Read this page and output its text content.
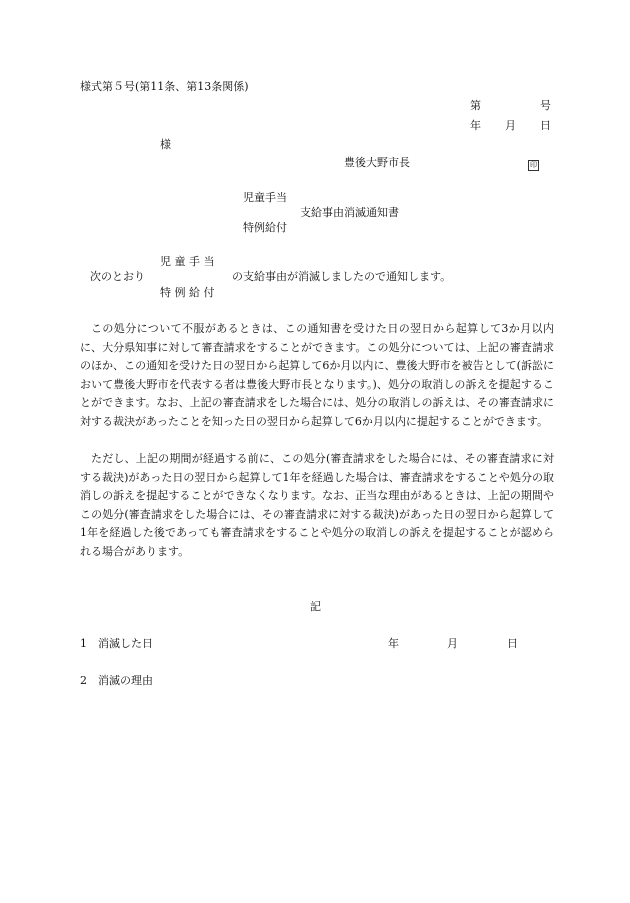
様式第５号(第11条、第13条関係)
第	号
年 月 日
様
豊後大野市長	印
児童手当
支給事由消滅通知書
特例給付
児 童 手 当
次のとおり	の支給事由が消滅しましたので通知します。
特 例 給 付
この処分について不服があるときは、この通知書を受けた日の翌日から起算して3か月以内に、大分県知事に対して審査請求をすることができます。この処分については、上記の審査請求のほか、この通知を受けた日の翌日から起算して6か月以内に、豊後大野市を被告として(訴訟において豊後大野市を代表する者は豊後大野市長となります。)、処分の取消しの訴えを提起することができます。なお、上記の審査請求をした場合には、処分の取消しの訴えは、その審査請求に対する裁決があったことを知った日の翌日から起算して6か月以内に提起することができます。
ただし、上記の期間が経過する前に、この処分(審査請求をした場合には、その審査請求に対する裁決)があった日の翌日から起算して1年を経過した場合は、審査請求をすることや処分の取消しの訴えを提起することができなくなります。なお、正当な理由があるときは、上記の期間やこの処分(審査請求をした場合には、その審査請求に対する裁決)があった日の翌日から起算して1年を経過した後であっても審査請求をすることや処分の取消しの訴えを提起することが認められる場合があります。
記
1　消滅した日	年	月	日
2　消滅の理由
